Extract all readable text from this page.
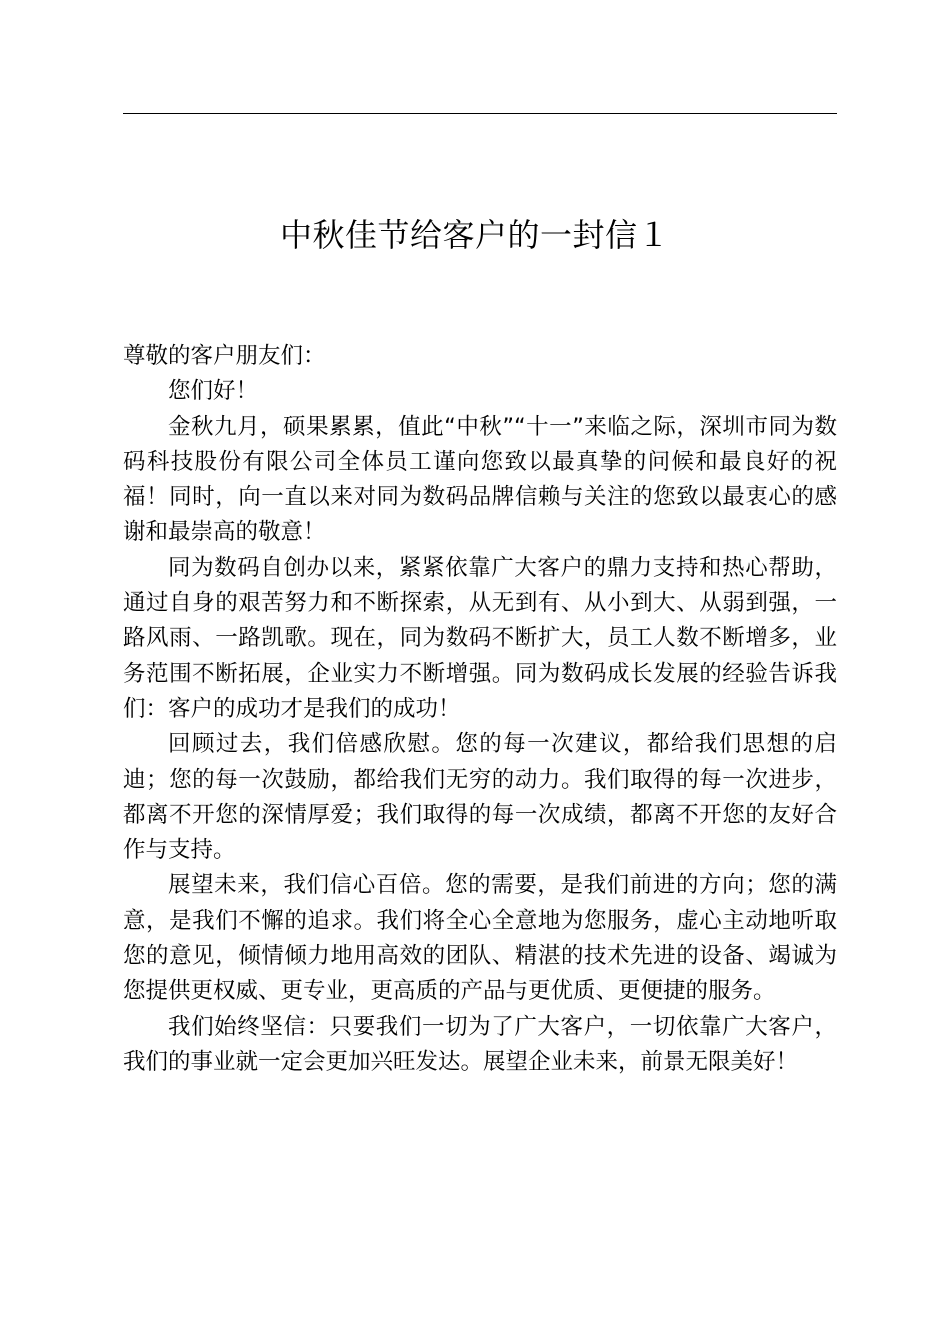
中秋佳节给客户的一封信１

尊敬的客户朋友们：

您们好！

金秋九月，硕果累累，值此“中秋”“十一”来临之际，深圳市同为数码科技股份有限公司全体员工谨向您致以最真挚的问候和最良好的祝福！同时，向一直以来对同为数码品牌信赖与关注的您致以最衷心的感谢和最崇高的敬意！

同为数码自创办以来，紧紧依靠广大客户的鼎力支持和热心帮助，通过自身的艰苦努力和不断探索，从无到有、从小到大、从弱到强，一路风雨、一路凯歌。现在，同为数码不断扩大，员工人数不断增多，业务范围不断拓展，企业实力不断增强。同为数码成长发展的经验告诉我们：客户的成功才是我们的成功！

回顾过去，我们倍感欣慰。您的每一次建议，都给我们思想的启迪；您的每一次鼓励，都给我们无穷的动力。我们取得的每一次进步，都离不开您的深情厚爱；我们取得的每一次成绩，都离不开您的友好合作与支持。

展望未来，我们信心百倍。您的需要，是我们前进的方向；您的满意，是我们不懈的追求。我们将全心全意地为您服务，虚心主动地听取您的意见，倾情倾力地用高效的团队、精湛的技术先进的设备、竭诚为您提供更权威、更专业，更高质的产品与更优质、更便捷的服务。

我们始终坚信：只要我们一切为了广大客户，一切依靠广大客户，我们的事业就一定会更加兴旺发达。展望企业未来，前景无限美好！
